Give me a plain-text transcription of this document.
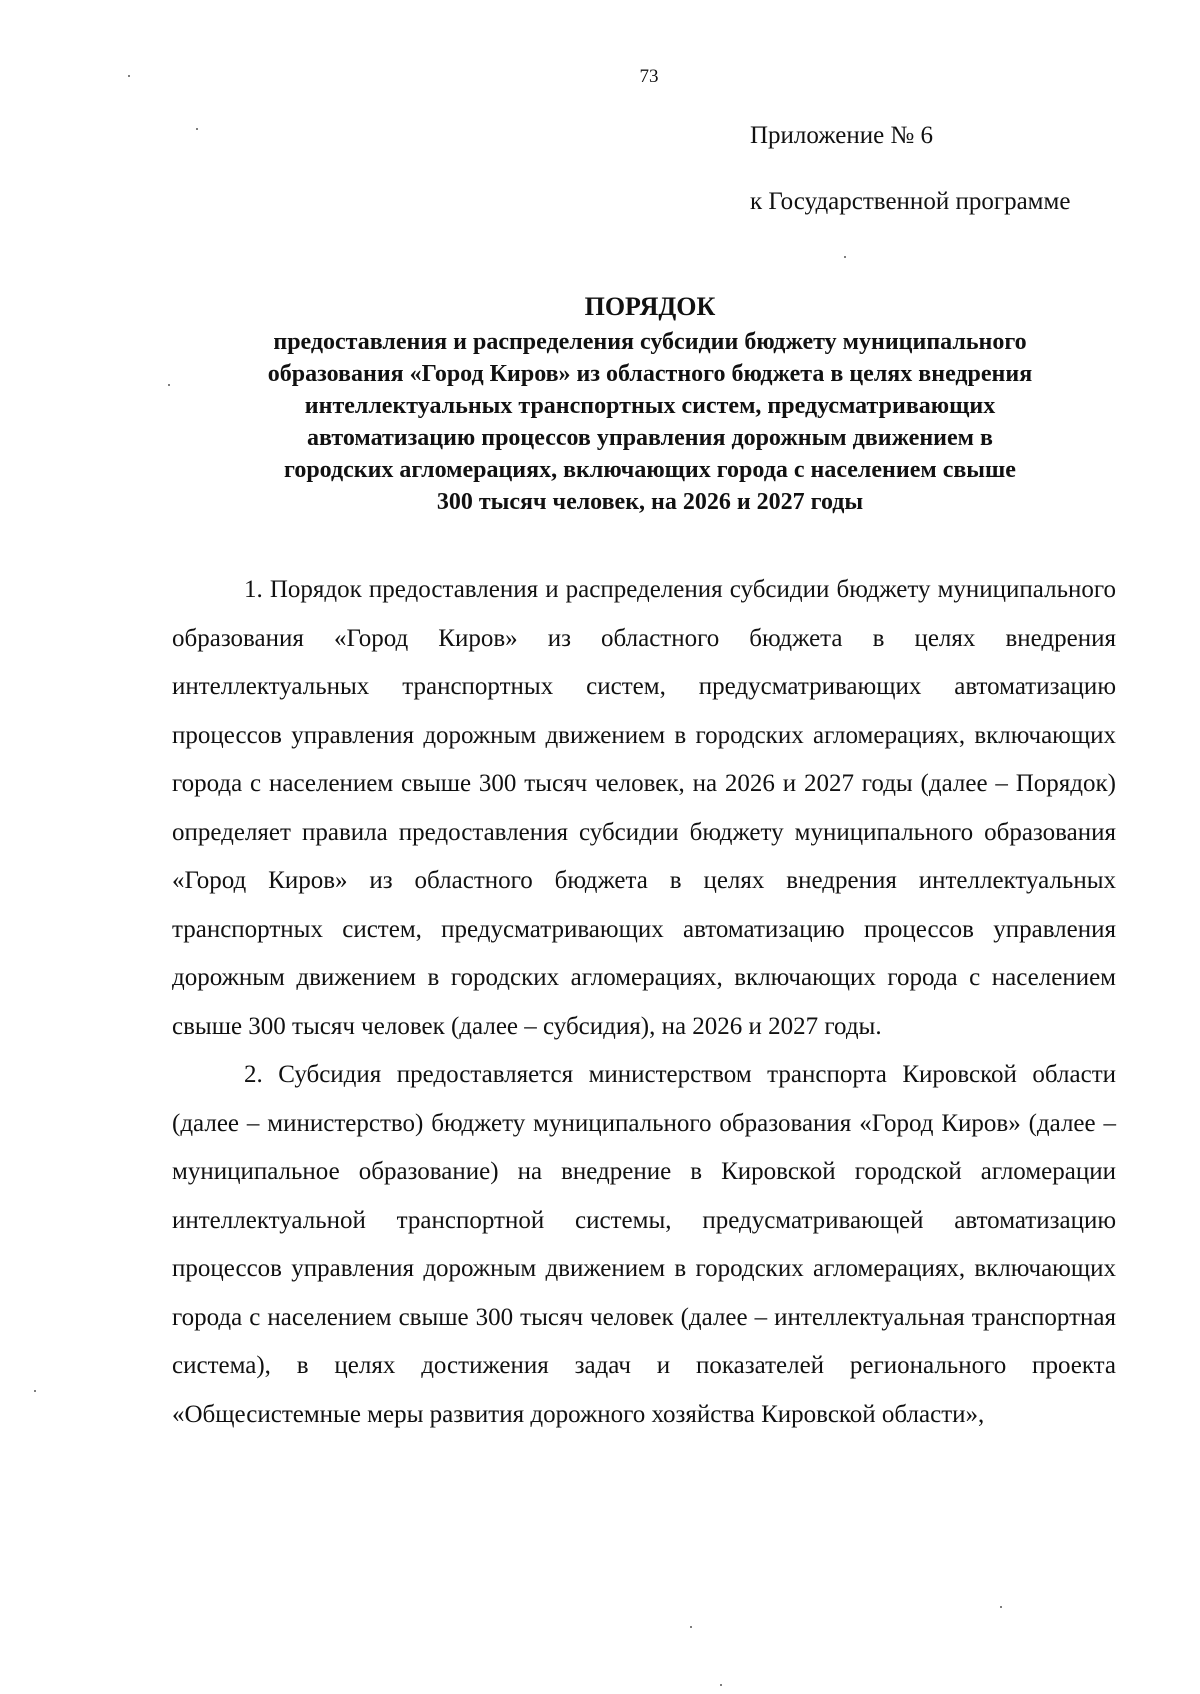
73
Приложение № 6
к Государственной программе
ПОРЯДОК
предоставления и распределения субсидии бюджету муниципального
образования «Город Киров» из областного бюджета в целях внедрения
интеллектуальных транспортных систем, предусматривающих
автоматизацию процессов управления дорожным движением в
городских агломерациях, включающих города с населением свыше
300 тысяч человек, на 2026 и 2027 годы

1. Порядок предоставления и распределения субсидии бюджету муниципального образования «Город Киров» из областного бюджета в целях внедрения интеллектуальных транспортных систем, предусматривающих автоматизацию процессов управления дорожным движением в городских агломерациях, включающих города с населением свыше 300 тысяч человек, на 2026 и 2027 годы (далее – Порядок) определяет правила предоставления субсидии бюджету муниципального образования «Город Киров» из областного бюджета в целях внедрения интеллектуальных транспортных систем, предусматривающих автоматизацию процессов управления дорожным движением в городских агломерациях, включающих города с населением свыше 300 тысяч человек (далее – субсидия), на 2026 и 2027 годы.

2. Субсидия предоставляется министерством транспорта Кировской области (далее – министерство) бюджету муниципального образования «Город Киров» (далее – муниципальное образование) на внедрение в Кировской городской агломерации интеллектуальной транспортной системы, предусматривающей автоматизацию процессов управления дорожным движением в городских агломерациях, включающих города с населением свыше 300 тысяч человек (далее – интеллектуальная транспортная система), в целях достижения задач и показателей регионального проекта «Общесистемные меры развития дорожного хозяйства Кировской области»,
